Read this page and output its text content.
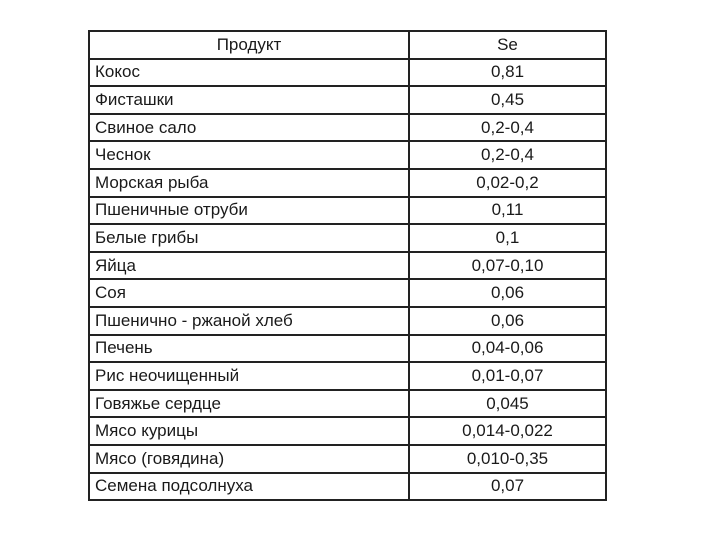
Продукт	Se
Кокос	0,81
Фисташки	0,45
Свиное сало	0,2-0,4
Чеснок	0,2-0,4
Морская рыба	0,02-0,2
Пшеничные отруби	0,11
Белые грибы	0,1
Яйца	0,07-0,10
Соя	0,06
Пшенично - ржаной хлеб	0,06
Печень	0,04-0,06
Рис неочищенный	0,01-0,07
Говяжье сердце	0,045
Мясо курицы	0,014-0,022
Мясо (говядина)	0,010-0,35
Семена подсолнуха	0,07
